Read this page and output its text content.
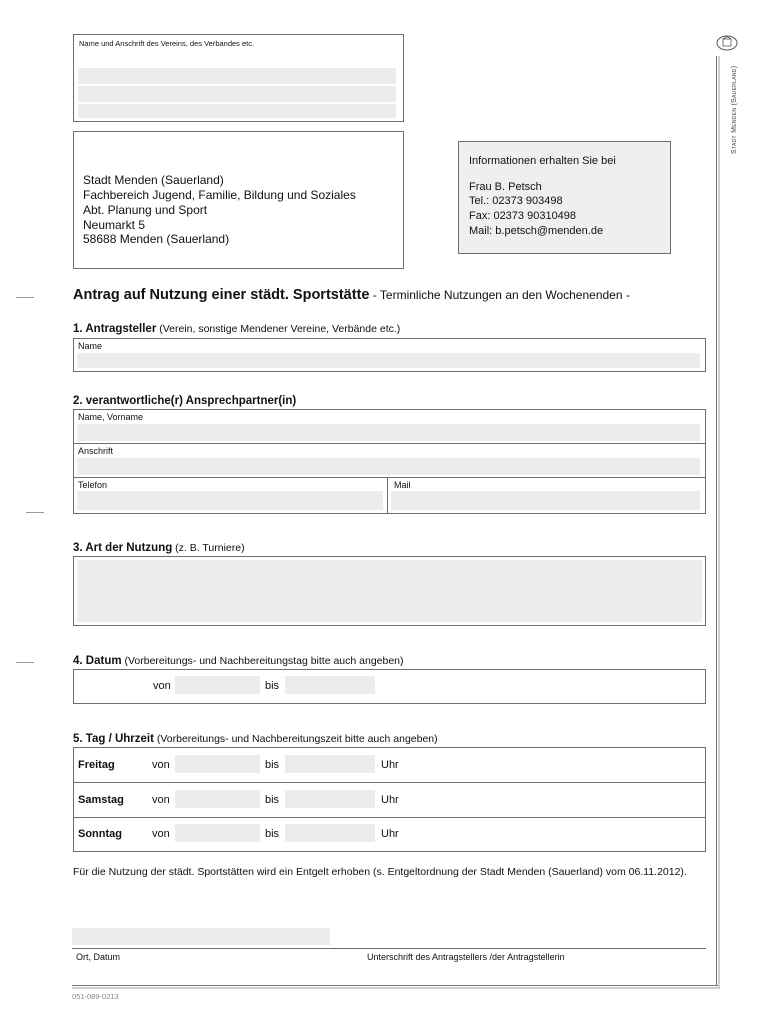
Stadt Menden (Sauerland)
Name und Anschrift des Vereins, des Verbandes etc.
Stadt Menden (Sauerland)
Fachbereich Jugend, Familie, Bildung und Soziales
Abt. Planung und Sport
Neumarkt 5
58688 Menden (Sauerland)
Informationen erhalten Sie bei
Frau B. Petsch
Tel.: 02373 903498
Fax: 02373 90310498
Mail: b.petsch@menden.de
Antrag auf Nutzung einer städt. Sportstätte - Terminliche Nutzungen an den Wochenenden -
1. Antragsteller (Verein, sonstige Mendener Vereine, Verbände etc.)
Name
2. verantwortliche(r) Ansprechpartner(in)
Name, Vorname
Anschrift
Telefon	Mail
3. Art der Nutzung (z. B. Turniere)
4. Datum (Vorbereitungs- und Nachbereitungstag bitte auch angeben)
von	bis
5. Tag / Uhrzeit (Vorbereitungs- und Nachbereitungszeit bitte auch angeben)
Freitag	von	bis	Uhr
Samstag	von	bis	Uhr
Sonntag	von	bis	Uhr
Für die Nutzung der städt. Sportstätten wird ein Entgelt erhoben (s. Entgeltordnung der Stadt Menden (Sauerland) vom 06.11.2012).
Ort, Datum	Unterschrift des Antragstellers /der Antragstellerin
051-089-0213
